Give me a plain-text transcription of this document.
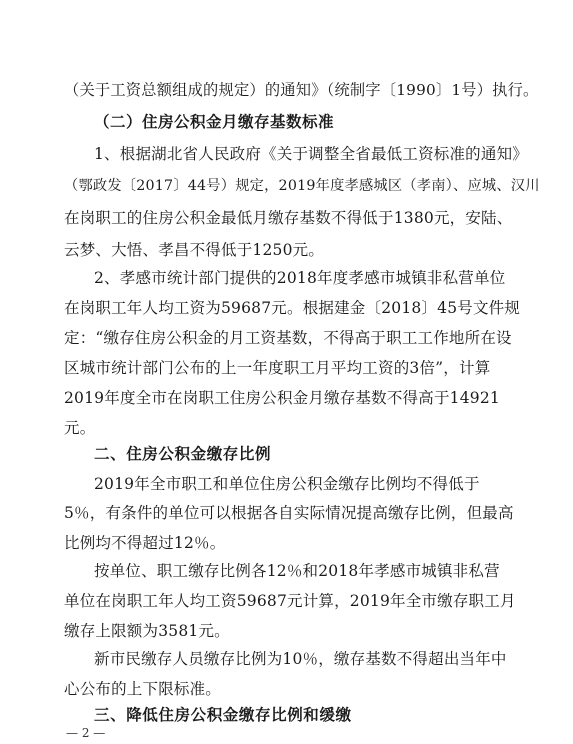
（关于工资总额组成的规定）的通知》（统制字〔1990〕1号）执行。
（二）住房公积金月缴存基数标准
1、根据湖北省人民政府《关于调整全省最低工资标准的通知》
（鄂政发〔2017〕44号）规定，2019年度孝感城区（孝南）、应城、汉川
在岗职工的住房公积金最低月缴存基数不得低于1380元，安陆、
云梦、大悟、孝昌不得低于1250元。
2、孝感市统计部门提供的2018年度孝感市城镇非私营单位
在岗职工年人均工资为59687元。根据建金〔2018〕45号文件规
定：“缴存住房公积金的月工资基数，不得高于职工工作地所在设
区城市统计部门公布的上一年度职工月平均工资的3倍”，计算
2019年度全市在岗职工住房公积金月缴存基数不得高于14921
元。
二、住房公积金缴存比例
2019年全市职工和单位住房公积金缴存比例均不得低于
5％，有条件的单位可以根据各自实际情况提高缴存比例，但最高
比例均不得超过12％。
按单位、职工缴存比例各12％和2018年孝感市城镇非私营
单位在岗职工年人均工资59687元计算，2019年全市缴存职工月
缴存上限额为3581元。
新市民缴存人员缴存比例为10％，缴存基数不得超出当年中
— 2 —
心公布的上下限标准。
三、降低住房公积金缴存比例和缓缴
